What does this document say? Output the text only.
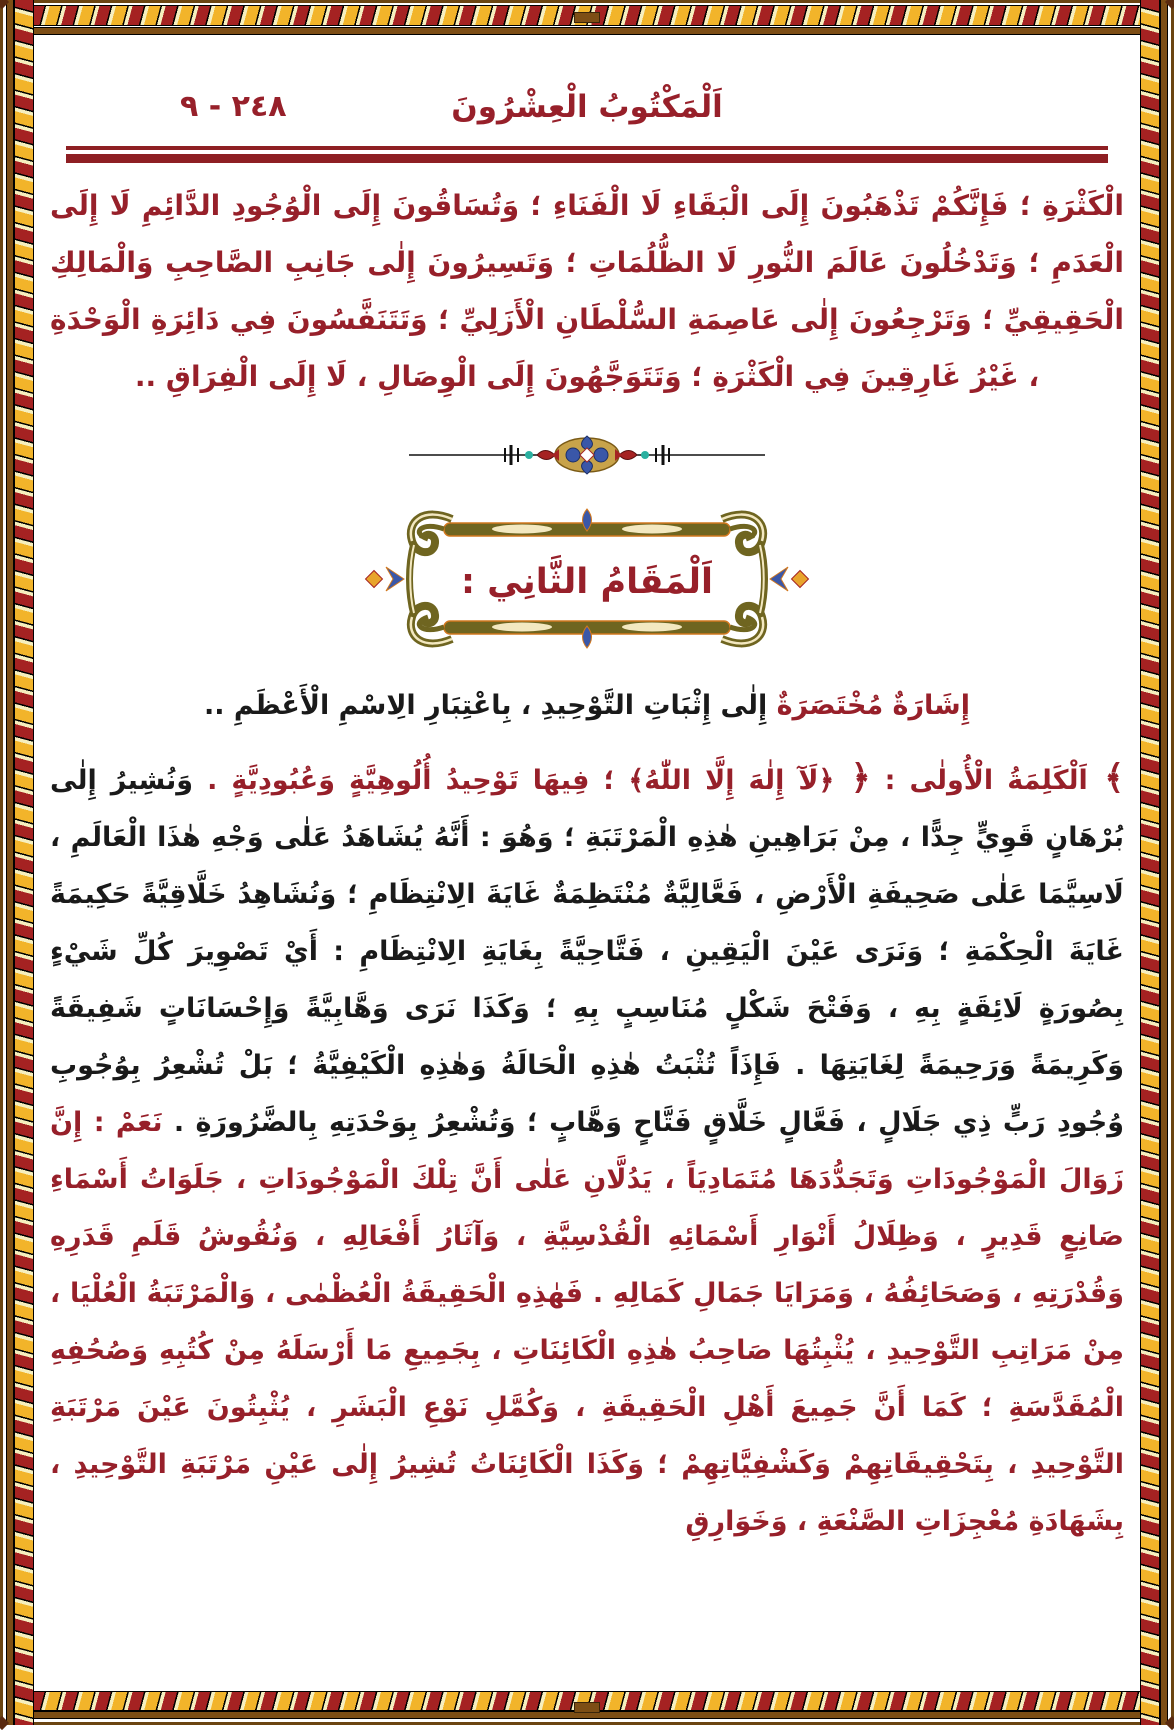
اَلْمَكْتُوبُ الْعِشْرُونَ
٢٤٨ - ٩

الْكَثْرَةِ ؛ فَإِنَّكُمْ تَذْهَبُونَ إِلَى الْبَقَاءِ لَا الْفَنَاءِ ؛ وَتُسَاقُونَ إِلَى الْوُجُودِ الدَّائِمِ لَا إِلَى الْعَدَمِ ؛ وَتَدْخُلُونَ عَالَمَ النُّورِ لَا الظُّلُمَاتِ ؛ وَتَسِيرُونَ إِلٰى جَانِبِ الصَّاحِبِ وَالْمَالِكِ الْحَقِيقِيِّ ؛ وَتَرْجِعُونَ إِلٰى عَاصِمَةِ السُّلْطَانِ الْأَزَلِيِّ ؛ وَتَتَنَفَّسُونَ فِي دَائِرَةِ الْوَحْدَةِ ، غَيْرُ غَارِقِينَ فِي الْكَثْرَةِ ؛ وَتَتَوَجَّهُونَ إِلَى الْوِصَالِ ، لَا إِلَى الْفِرَاقِ ..

اَلْمَقَامُ الثَّانِي :
إِشَارَةٌ مُخْتَصَرَةٌ إِلٰى إِثْبَاتِ التَّوْحِيدِ ، بِاعْتِبَارِ الِاسْمِ الْأَعْظَمِ ..

﴾ اَلْكَلِمَةُ الْأُولٰى : ﴿ ﴿لَآ إِلٰهَ إِلَّا اللّٰهُ﴾ ؛ فِيهَا تَوْحِيدُ أُلُوهِيَّةٍ وَعُبُودِيَّةٍ . وَنُشِيرُ إِلٰى بُرْهَانٍ قَوِيٍّ جِدًّا ، مِنْ بَرَاهِينِ هٰذِهِ الْمَرْتَبَةِ ؛ وَهُوَ : أَنَّهُ يُشَاهَدُ عَلٰى وَجْهِ هٰذَا الْعَالَمِ ، لَاسِيَّمَا عَلٰى صَحِيفَةِ الْأَرْضِ ، فَعَّالِيَّةٌ مُنْتَظِمَةٌ غَايَةَ الِانْتِظَامِ ؛ وَنُشَاهِدُ خَلَّاقِيَّةً حَكِيمَةً غَايَةَ الْحِكْمَةِ ؛ وَنَرَى عَيْنَ الْيَقِينِ ، فَتَّاحِيَّةً بِغَايَةِ الِانْتِظَامِ : أَيْ تَصْوِيرَ كُلِّ شَيْءٍ بِصُورَةٍ لَائِقَةٍ بِهِ ، وَفَتْحَ شَكْلٍ مُنَاسِبٍ بِهِ ؛ وَكَذَا نَرَى وَهَّابِيَّةً وَإِحْسَانَاتٍ شَفِيقَةً وَكَرِيمَةً وَرَحِيمَةً لِغَايَتِهَا . فَإِذَاً تُثْبَتُ هٰذِهِ الْحَالَةُ وَهٰذِهِ الْكَيْفِيَّةُ ؛ بَلْ تُشْعِرُ بِوُجُوبِ وُجُودِ رَبٍّ ذِي جَلَالٍ ، فَعَّالٍ خَلَّاقٍ فَتَّاحٍ وَهَّابٍ ؛ وَتُشْعِرُ بِوَحْدَتِهِ بِالضَّرُورَةِ . نَعَمْ : إِنَّ زَوَالَ الْمَوْجُودَاتِ وَتَجَدُّدَهَا مُتَمَادِيَاً ، يَدُلَّانِ عَلٰى أَنَّ تِلْكَ الْمَوْجُودَاتِ ، جَلَوَاتُ أَسْمَاءِ صَانِعٍ قَدِيرٍ ، وَظِلَالُ أَنْوَارِ أَسْمَائِهِ الْقُدْسِيَّةِ ، وَآثَارُ أَفْعَالِهِ ، وَنُقُوشُ قَلَمِ قَدَرِهِ وَقُدْرَتِهِ ، وَصَحَائِفُهُ ، وَمَرَايَا جَمَالِ كَمَالِهِ . فَهٰذِهِ الْحَقِيقَةُ الْعُظْمٰى ، وَالْمَرْتَبَةُ الْعُلْيَا ، مِنْ مَرَاتِبِ التَّوْحِيدِ ، يُثْبِتُهَا صَاحِبُ هٰذِهِ الْكَائِنَاتِ ، بِجَمِيعِ مَا أَرْسَلَهُ مِنْ كُتُبِهِ وَصُحُفِهِ الْمُقَدَّسَةِ ؛ كَمَا أَنَّ جَمِيعَ أَهْلِ الْحَقِيقَةِ ، وَكُمَّلِ نَوْعِ الْبَشَرِ ، يُثْبِتُونَ عَيْنَ مَرْتَبَةِ التَّوْحِيدِ ، بِتَحْقِيقَاتِهِمْ وَكَشْفِيَّاتِهِمْ ؛ وَكَذَا الْكَائِنَاتُ تُشِيرُ إِلٰى عَيْنِ مَرْتَبَةِ التَّوْحِيدِ ، بِشَهَادَةِ مُعْجِزَاتِ الصَّنْعَةِ ، وَخَوَارِقِ
